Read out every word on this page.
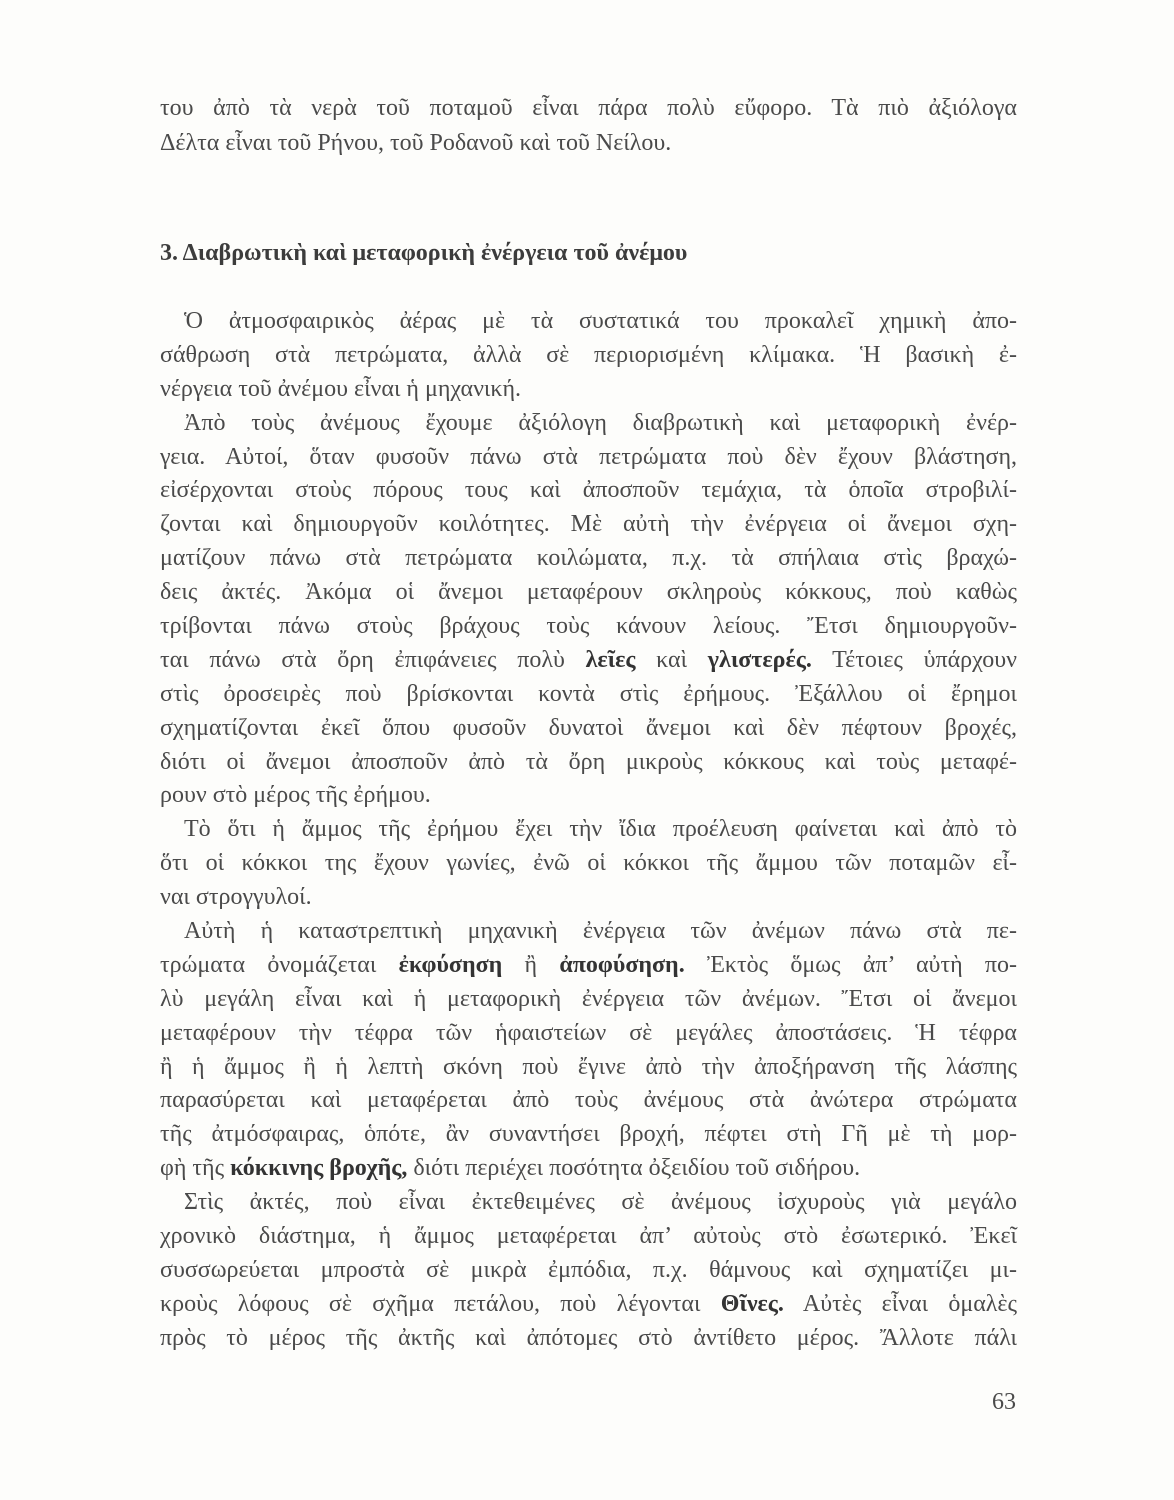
του ἀπὸ τὰ νερὰ τοῦ ποταμοῦ εἶναι πάρα πολὺ εὔφορο. Τὰ πιὸ ἀξιόλογα
Δέλτα εἶναι τοῦ Ρήνου, τοῦ Ροδανοῦ καὶ τοῦ Νείλου.
3. Διαβρωτικὴ καὶ μεταφορικὴ ἐνέργεια τοῦ ἀνέμου
Ὁ ἀτμοσφαιρικὸς ἀέρας μὲ τὰ συστατικά του προκαλεῖ χημικὴ ἀπο-
σάθρωση στὰ πετρώματα, ἀλλὰ σὲ περιορισμένη κλίμακα. Ἡ βασικὴ ἐ-
νέργεια τοῦ ἀνέμου εἶναι ἡ μηχανική.
Ἀπὸ τοὺς ἀνέμους ἔχουμε ἀξιόλογη διαβρωτικὴ καὶ μεταφορικὴ ἐνέρ-
γεια. Αὐτοί, ὅταν φυσοῦν πάνω στὰ πετρώματα ποὺ δὲν ἔχουν βλάστηση,
εἰσέρχονται στοὺς πόρους τους καὶ ἀποσποῦν τεμάχια, τὰ ὁποῖα στροβιλί-
ζονται καὶ δημιουργοῦν κοιλότητες. Μὲ αὐτὴ τὴν ἐνέργεια οἱ ἄνεμοι σχη-
ματίζουν πάνω στὰ πετρώματα κοιλώματα, π.χ. τὰ σπήλαια στὶς βραχώ-
δεις ἀκτές. Ἀκόμα οἱ ἄνεμοι μεταφέρουν σκληροὺς κόκκους, ποὺ καθὼς
τρίβονται πάνω στοὺς βράχους τοὺς κάνουν λείους. Ἔτσι δημιουργοῦν-
ται πάνω στὰ ὄρη ἐπιφάνειες πολὺ λεῖες καὶ γλιστερές. Τέτοιες ὑπάρχουν
στὶς ὀροσειρὲς ποὺ βρίσκονται κοντὰ στὶς ἐρήμους. Ἐξάλλου οἱ ἔρημοι
σχηματίζονται ἐκεῖ ὅπου φυσοῦν δυνατοὶ ἄνεμοι καὶ δὲν πέφτουν βροχές,
διότι οἱ ἄνεμοι ἀποσποῦν ἀπὸ τὰ ὄρη μικροὺς κόκκους καὶ τοὺς μεταφέ-
ρουν στὸ μέρος τῆς ἐρήμου.
Τὸ ὅτι ἡ ἄμμος τῆς ἐρήμου ἔχει τὴν ἴδια προέλευση φαίνεται καὶ ἀπὸ τὸ
ὅτι οἱ κόκκοι της ἔχουν γωνίες, ἐνῶ οἱ κόκκοι τῆς ἄμμου τῶν ποταμῶν εἶ-
ναι στρογγυλοί.
Αὐτὴ ἡ καταστρεπτικὴ μηχανικὴ ἐνέργεια τῶν ἀνέμων πάνω στὰ πε-
τρώματα ὀνομάζεται ἐκφύσηση ἢ ἀποφύσηση. Ἐκτὸς ὅμως ἀπ’ αὐτὴ πο-
λὺ μεγάλη εἶναι καὶ ἡ μεταφορικὴ ἐνέργεια τῶν ἀνέμων. Ἔτσι οἱ ἄνεμοι
μεταφέρουν τὴν τέφρα τῶν ἡφαιστείων σὲ μεγάλες ἀποστάσεις. Ἡ τέφρα
ἢ ἡ ἄμμος ἢ ἡ λεπτὴ σκόνη ποὺ ἔγινε ἀπὸ τὴν ἀποξήρανση τῆς λάσπης
παρασύρεται καὶ μεταφέρεται ἀπὸ τοὺς ἀνέμους στὰ ἀνώτερα στρώματα
τῆς ἀτμόσφαιρας, ὁπότε, ἂν συναντήσει βροχή, πέφτει στὴ Γῆ μὲ τὴ μορ-
φὴ τῆς κόκκινης βροχῆς, διότι περιέχει ποσότητα ὀξειδίου τοῦ σιδήρου.
Στὶς ἀκτές, ποὺ εἶναι ἐκτεθειμένες σὲ ἀνέμους ἰσχυροὺς γιὰ μεγάλο
χρονικὸ διάστημα, ἡ ἄμμος μεταφέρεται ἀπ’ αὐτοὺς στὸ ἐσωτερικό. Ἐκεῖ
συσσωρεύεται μπροστὰ σὲ μικρὰ ἐμπόδια, π.χ. θάμνους καὶ σχηματίζει μι-
κροὺς λόφους σὲ σχῆμα πετάλου, ποὺ λέγονται Θῖνες. Αὐτὲς εἶναι ὁμαλὲς
πρὸς τὸ μέρος τῆς ἀκτῆς καὶ ἀπότομες στὸ ἀντίθετο μέρος. Ἄλλοτε πάλι
63
